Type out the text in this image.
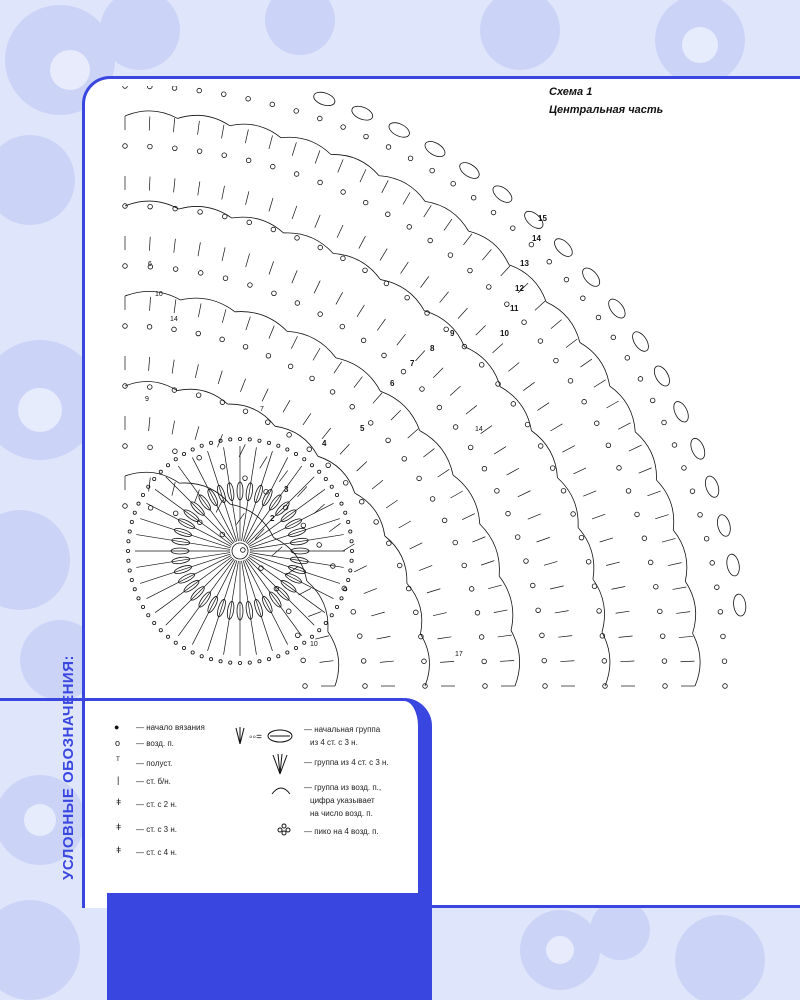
Схема 1
Центральная часть
2
3
4
5
6
7
8
9	10
11
12
13
14
15
6
10
14
9
7
14
10
17
УСЛОВНЫЕ ОБОЗНАЧЕНИЯ:	● — начало вязания
o — возд. п.
ᵀ — полуст.
| — ст. б/н.
ǂ — ст. с 2 н.
ǂ — ст. с 3 н.
ǂ — ст. с 4 н.
◦◦=
— начальная группа
из 4 ст. с 3 н.
— группа из 4 ст. с 3 н.
— группа из возд. п.,
цифра указывает
на число возд. п.
— пико на 4 возд. п.
